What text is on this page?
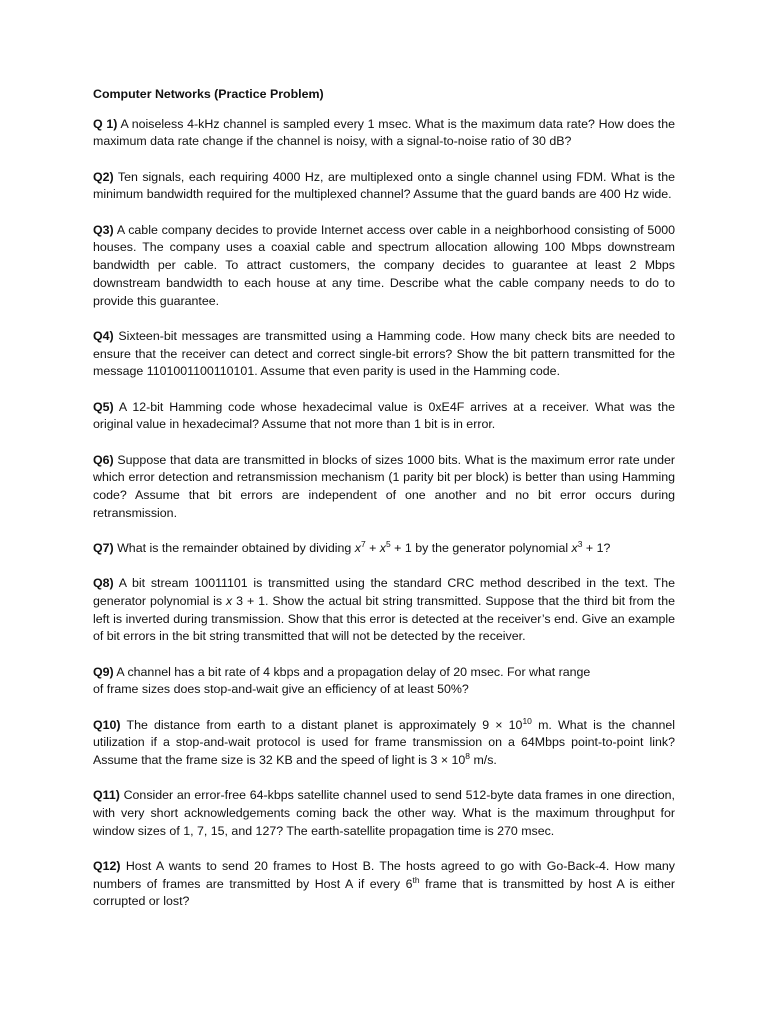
Computer Networks (Practice Problem)

Q 1) A noiseless 4-kHz channel is sampled every 1 msec. What is the maximum data rate? How does the maximum data rate change if the channel is noisy, with a signal-to-noise ratio of 30 dB?

Q2) Ten signals, each requiring 4000 Hz, are multiplexed onto a single channel using FDM. What is the minimum bandwidth required for the multiplexed channel? Assume that the guard bands are 400 Hz wide.

Q3) A cable company decides to provide Internet access over cable in a neighborhood consisting of 5000 houses. The company uses a coaxial cable and spectrum allocation allowing 100 Mbps downstream bandwidth per cable. To attract customers, the company decides to guarantee at least 2 Mbps downstream bandwidth to each house at any time. Describe what the cable company needs to do to provide this guarantee.

Q4) Sixteen-bit messages are transmitted using a Hamming code. How many check bits are needed to ensure that the receiver can detect and correct single-bit errors? Show the bit pattern transmitted for the message 1101001100110101. Assume that even parity is used in the Hamming code.

Q5) A 12-bit Hamming code whose hexadecimal value is 0xE4F arrives at a receiver. What was the original value in hexadecimal? Assume that not more than 1 bit is in error.

Q6) Suppose that data are transmitted in blocks of sizes 1000 bits. What is the maximum error rate under which error detection and retransmission mechanism (1 parity bit per block) is better than using Hamming code? Assume that bit errors are independent of one another and no bit error occurs during retransmission.

Q7) What is the remainder obtained by dividing $x^7 + x^5 + 1$ by the generator polynomial $x^3 + 1$?

Q8) A bit stream 10011101 is transmitted using the standard CRC method described in the text. The generator polynomial is x 3 + 1. Show the actual bit string transmitted. Suppose that the third bit from the left is inverted during transmission. Show that this error is detected at the receiver’s end. Give an example of bit errors in the bit string transmitted that will not be detected by the receiver.

Q9) A channel has a bit rate of 4 kbps and a propagation delay of 20 msec. For what range
of frame sizes does stop-and-wait give an efficiency of at least 50%?

Q10) The distance from earth to a distant planet is approximately $9 \times 10^{10}$ m. What is the channel utilization if a stop-and-wait protocol is used for frame transmission on a 64Mbps point-to-point link? Assume that the frame size is 32 KB and the speed of light is $3 \times 10^8$ m/s.

Q11) Consider an error-free 64-kbps satellite channel used to send 512-byte data frames in one direction, with very short acknowledgements coming back the other way. What is the maximum throughput for window sizes of 1, 7, 15, and 127? The earth-satellite propagation time is 270 msec.

Q12) Host A wants to send 20 frames to Host B. The hosts agreed to go with Go-Back-4. How many numbers of frames are transmitted by Host A if every 6th frame that is transmitted by host A is either corrupted or lost?
